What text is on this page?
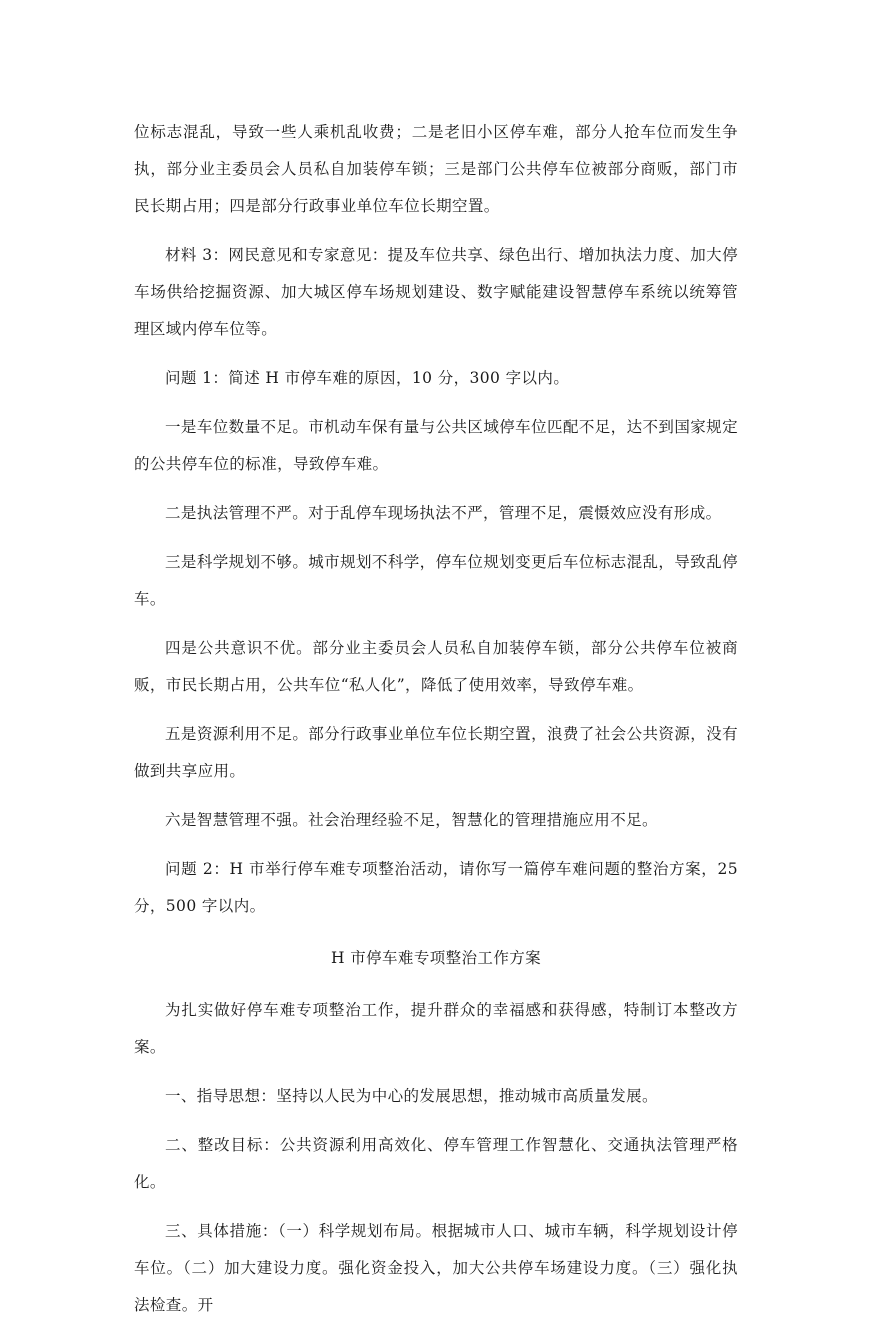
位标志混乱，导致一些人乘机乱收费；二是老旧小区停车难，部分人抢车位而发生争执，部分业主委员会人员私自加装停车锁；三是部门公共停车位被部分商贩，部门市民长期占用；四是部分行政事业单位车位长期空置。

材料 3：网民意见和专家意见：提及车位共享、绿色出行、增加执法力度、加大停车场供给挖掘资源、加大城区停车场规划建设、数字赋能建设智慧停车系统以统筹管理区域内停车位等。

问题 1：简述 H 市停车难的原因，10 分，300 字以内。

一是车位数量不足。市机动车保有量与公共区域停车位匹配不足，达不到国家规定的公共停车位的标准，导致停车难。

二是执法管理不严。对于乱停车现场执法不严，管理不足，震慑效应没有形成。

三是科学规划不够。城市规划不科学，停车位规划变更后车位标志混乱，导致乱停车。

四是公共意识不优。部分业主委员会人员私自加装停车锁，部分公共停车位被商贩，市民长期占用，公共车位“私人化”，降低了使用效率，导致停车难。

五是资源利用不足。部分行政事业单位车位长期空置，浪费了社会公共资源，没有做到共享应用。

六是智慧管理不强。社会治理经验不足，智慧化的管理措施应用不足。

问题 2：H 市举行停车难专项整治活动，请你写一篇停车难问题的整治方案，25 分，500 字以内。

H 市停车难专项整治工作方案

为扎实做好停车难专项整治工作，提升群众的幸福感和获得感，特制订本整改方案。

一、指导思想：坚持以人民为中心的发展思想，推动城市高质量发展。

二、整改目标：公共资源利用高效化、停车管理工作智慧化、交通执法管理严格化。

三、具体措施：（一）科学规划布局。根据城市人口、城市车辆，科学规划设计停车位。（二）加大建设力度。强化资金投入，加大公共停车场建设力度。（三）强化执法检查。开
